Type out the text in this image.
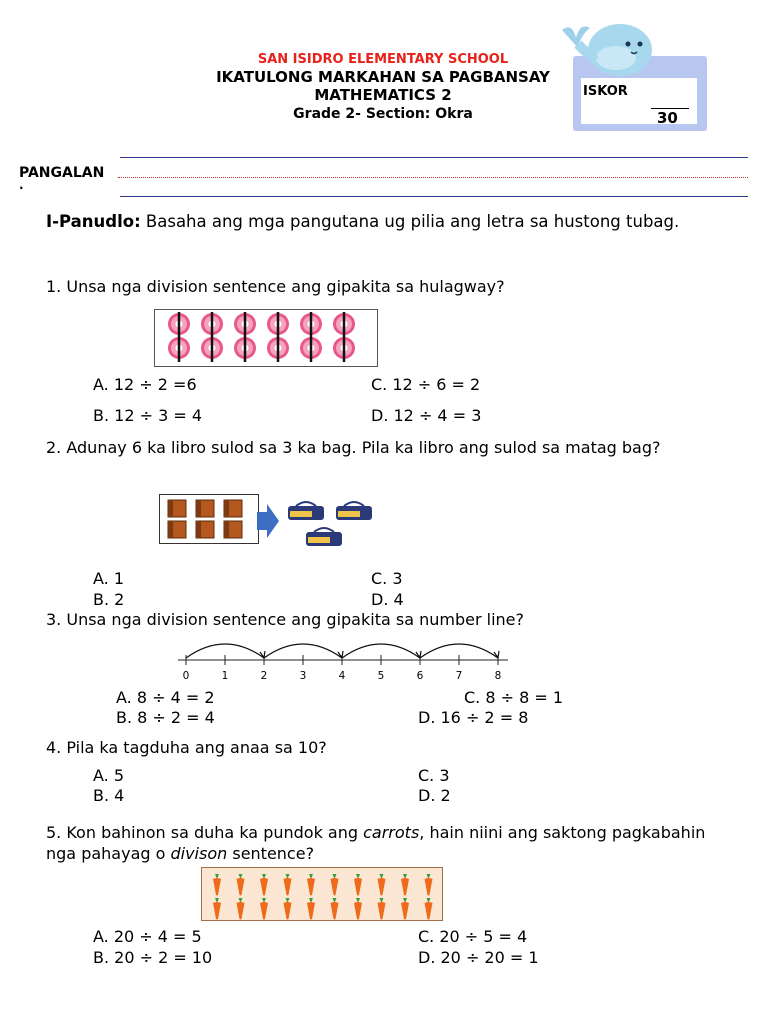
SAN ISIDRO ELEMENTARY SCHOOL
IKATULONG MARKAHAN SA PAGBANSAY
MATHEMATICS 2
Grade 2- Section: Okra
ISKOR
30
PANGALAN
·
I-Panudlo: Basaha ang mga pangutana ug pilia ang letra sa hustong tubag.
1. Unsa nga division sentence ang gipakita sa hulagway?
A. 12 ÷ 2 =6	C. 12 ÷ 6 = 2
B. 12 ÷ 3 = 4	D. 12 ÷ 4 = 3
2. Adunay 6 ka libro sulod sa 3 ka bag. Pila ka libro ang sulod sa matag bag?
A. 1	C. 3
B. 2	D. 4
3. Unsa nga division sentence ang gipakita sa number line?
0	1	2	3	4	5	6	7	8
A. 8 ÷ 4 = 2	C. 8 ÷ 8 = 1
B. 8 ÷ 2 = 4	D. 16 ÷ 2 = 8
4. Pila ka tagduha ang anaa sa 10?
A. 5	C. 3
B. 4	D. 2
5. Kon bahinon sa duha ka pundok ang carrots, hain niini ang saktong pagkabahin nga pahayag o divison sentence?
A. 20 ÷ 4 = 5	C. 20 ÷ 5 = 4
B. 20 ÷ 2 = 10	D. 20 ÷ 20 = 1
